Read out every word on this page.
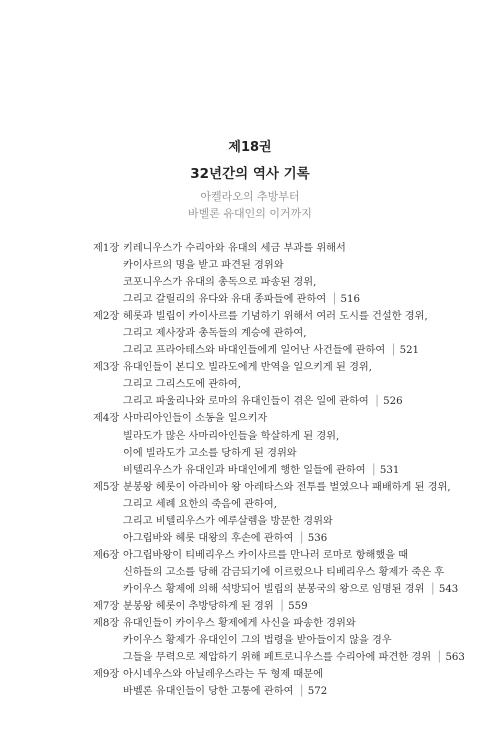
제18권
32년간의 역사 기록
아켈라오의 추방부터
바벨론 유대인의 이거까지
제1장 키레니우스가 수리아와 유대의 세금 부과를 위해서
카이사르의 명을 받고 파견된 경위와
코포니우스가 유대의 총독으로 파송된 경위,
그리고 갈릴리의 유다와 유대 종파들에 관하여 │ 516
제2장 헤롯과 빌립이 카이사르를 기념하기 위해서 여러 도시를 건설한 경위,
그리고 제사장과 총독들의 계승에 관하여,
그리고 프라아테스와 바대인들에게 일어난 사건들에 관하여 │ 521
제3장 유대인들이 본디오 빌라도에게 반역을 일으키게 된 경위,
그리고 그리스도에 관하여,
그리고 파울리나와 로마의 유대인들이 겪은 일에 관하여 │ 526
제4장 사마리아인들이 소동을 일으키자
빌라도가 많은 사마리아인들을 학살하게 된 경위,
이에 빌라도가 고소를 당하게 된 경위와
비텔리우스가 유대인과 바대인에게 행한 일들에 관하여 │ 531
제5장 분봉왕 헤롯이 아라비아 왕 아레타스와 전투를 벌였으나 패배하게 된 경위,
그리고 세례 요한의 죽음에 관하여,
그리고 비텔리우스가 예루살렘을 방문한 경위와
아그립바와 헤롯 대왕의 후손에 관하여 │ 536
제6장 아그립바왕이 티베리우스 카이사르를 만나러 로마로 항해했을 때
신하들의 고소를 당해 감금되기에 이르렀으나 티베리우스 황제가 죽은 후
카이우스 황제에 의해 석방되어 빌립의 분봉국의 왕으로 임명된 경위 │ 543
제7장 분봉왕 헤롯이 추방당하게 된 경위 │ 559
제8장 유대인들이 카이우스 황제에게 사신을 파송한 경위와
카이우스 황제가 유대인이 그의 법령을 받아들이지 않을 경우
그들을 무력으로 제압하기 위해 페트로니우스를 수리아에 파견한 경위 │ 563
제9장 아시네우스와 아닐레우스라는 두 형제 때문에
바벨론 유대인들이 당한 고통에 관하여 │ 572
